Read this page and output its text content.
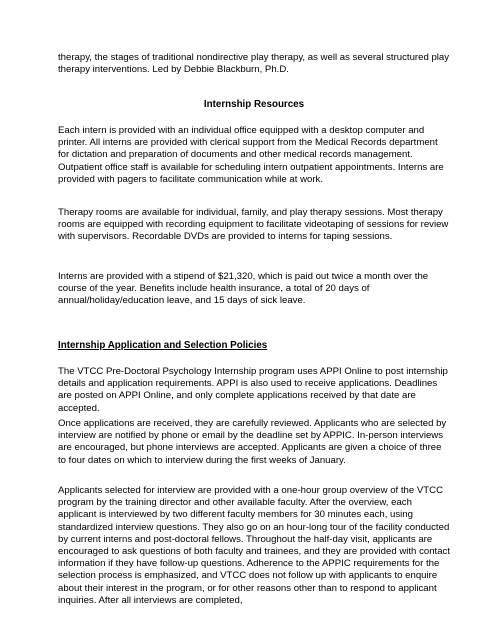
therapy, the stages of traditional nondirective play therapy, as well as several structured play therapy interventions. Led by Debbie Blackburn, Ph.D.

Internship Resources

Each intern is provided with an individual office equipped with a desktop computer and printer. All interns are provided with clerical support from the Medical Records department for dictation and preparation of documents and other medical records management. Outpatient office staff is available for scheduling intern outpatient appointments. Interns are provided with pagers to facilitate communication while at work.

Therapy rooms are available for individual, family, and play therapy sessions. Most therapy rooms are equipped with recording equipment to facilitate videotaping of sessions for review with supervisors. Recordable DVDs are provided to interns for taping sessions.

Interns are provided with a stipend of $21,320, which is paid out twice a month over the course of the year. Benefits include health insurance, a total of 20 days of annual/holiday/education leave, and 15 days of sick leave.

Internship Application and Selection Policies

The VTCC Pre-Doctoral Psychology Internship program uses APPI Online to post internship details and application requirements. APPI is also used to receive applications. Deadlines are posted on APPI Online, and only complete applications received by that date are accepted.

Once applications are received, they are carefully reviewed. Applicants who are selected by interview are notified by phone or email by the deadline set by APPIC. In-person interviews are encouraged, but phone interviews are accepted. Applicants are given a choice of three to four dates on which to interview during the first weeks of January.

Applicants selected for interview are provided with a one-hour group overview of the VTCC program by the training director and other available faculty. After the overview, each applicant is interviewed by two different faculty members for 30 minutes each, using standardized interview questions. They also go on an hour-long tour of the facility conducted by current interns and post-doctoral fellows. Throughout the half-day visit, applicants are encouraged to ask questions of both faculty and trainees, and they are provided with contact information if they have follow-up questions. Adherence to the APPIC requirements for the selection process is emphasized, and VTCC does not follow up with applicants to enquire about their interest in the program, or for other reasons other than to respond to applicant inquiries. After all interviews are completed,
